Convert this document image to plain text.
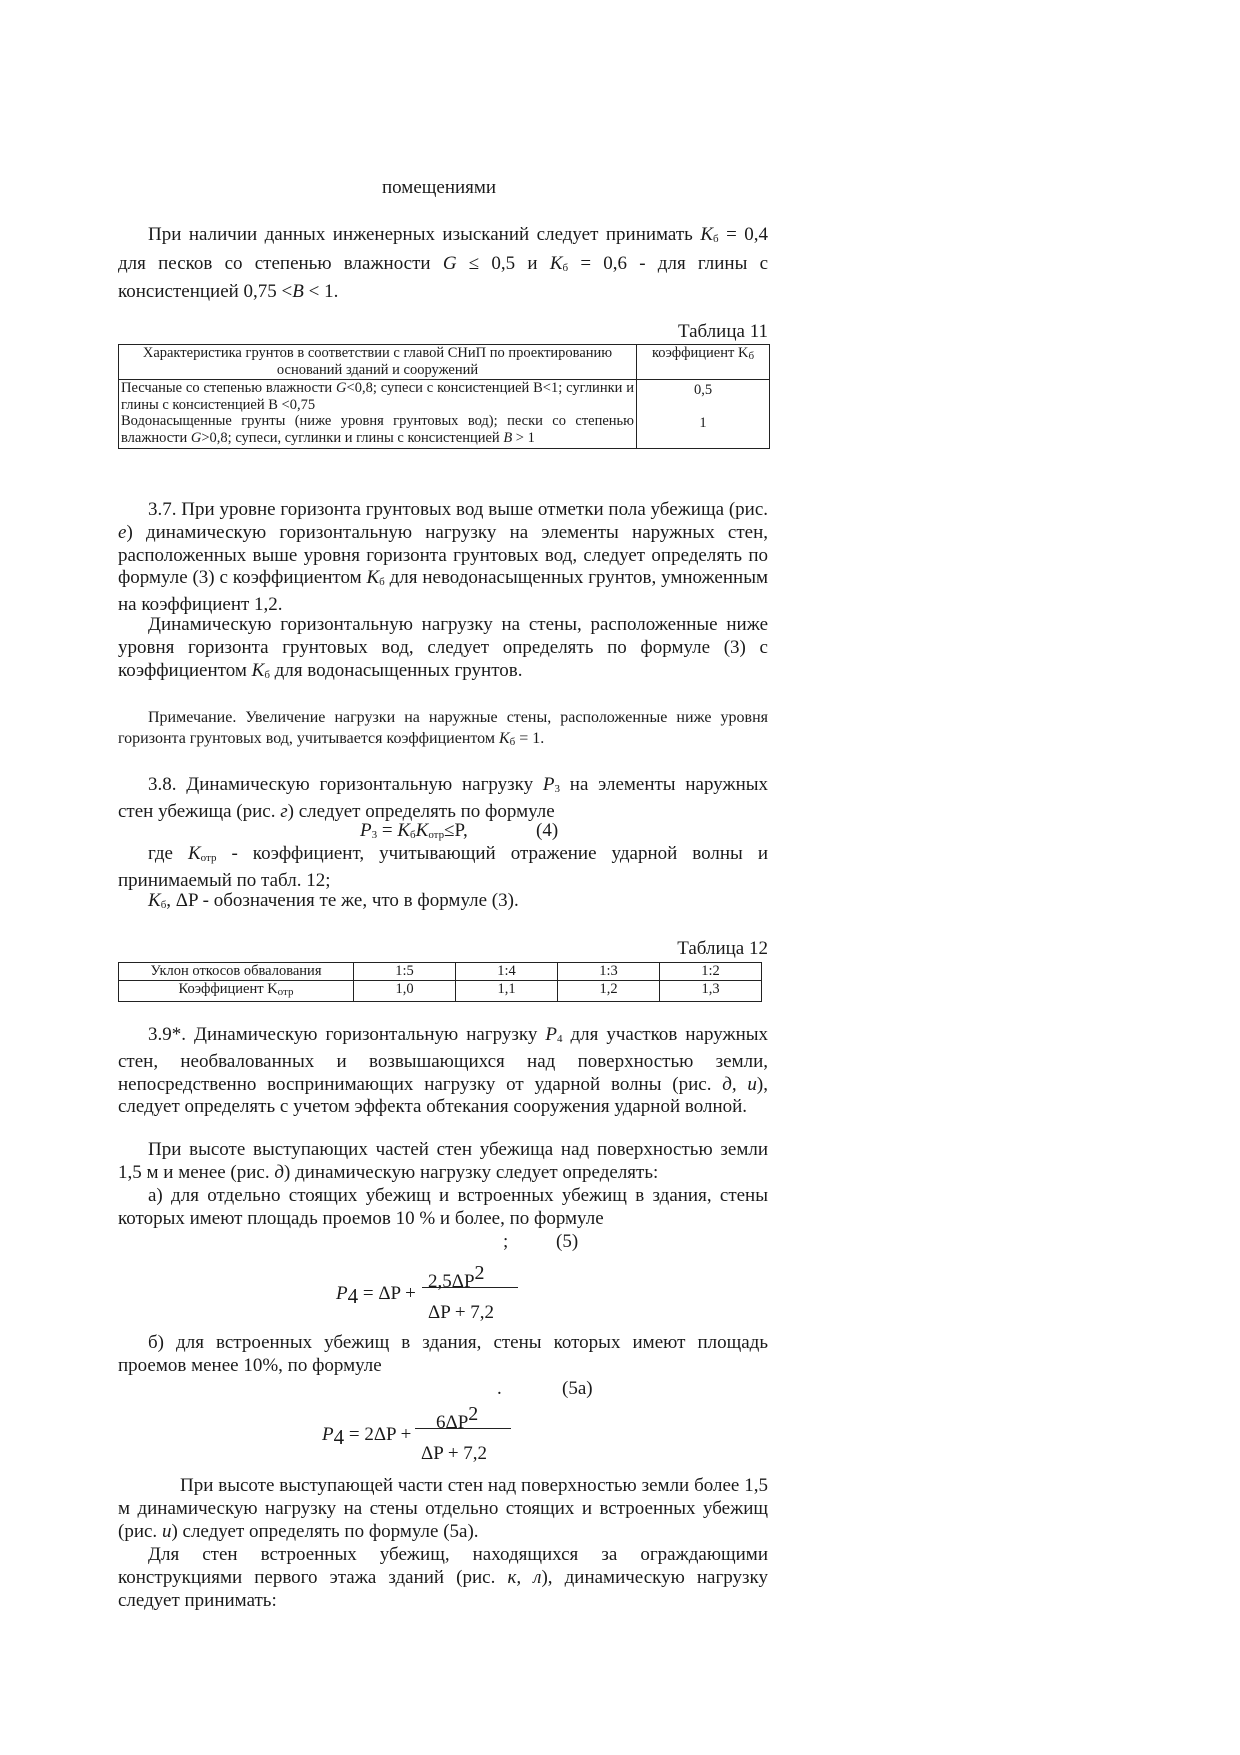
помещениями

При наличии данных инженерных изысканий следует принимать Kб = 0,4 для песков со степенью влажности G ≤ 0,5 и Kб = 0,6 - для глины с консистенцией 0,75 <B < 1.

Таблица 11
Характеристика грунтов в соответствии с главой СНиП по проектированию оснований зданий и сооружений	коэффициент Kб
Песчаные со степенью влажности G<0,8; супеси с консистенцией В<1; суглинки и глины с консистенцией В <0,75	0,5
Водонасыщенные грунты (ниже уровня грунтовых вод); пески со степенью влажности G>0,8; супеси, суглинки и глины с консистенцией B > 1	1

3.7. При уровне горизонта грунтовых вод выше отметки пола убежища (рис. е) динамическую горизонтальную нагрузку на элементы наружных стен, расположенных выше уровня горизонта грунтовых вод, следует определять по формуле (3) с коэффициентом Kб для неводонасыщенных грунтов, умноженным на коэффициент 1,2.

Динамическую горизонтальную нагрузку на стены, расположенные ниже уровня горизонта грунтовых вод, следует определять по формуле (3) с коэффициентом Kб для водонасыщенных грунтов.

Примечание. Увеличение нагрузки на наружные стены, расположенные ниже уровня горизонта грунтовых вод, учитывается коэффициентом Kб = 1.

3.8. Динамическую горизонтальную нагрузку P3 на элементы наружных стен убежища (рис. г) следует определять по формуле

P3 = KбKотр≤P,	(4)

где Kотр - коэффициент, учитывающий отражение ударной волны и принимаемый по табл. 12;

Kб, ΔP - обозначения те же, что в формуле (3).

Таблица 12
Уклон откосов обвалования	1:5	1:4	1:3	1:2
Коэффициент Kотр	1,0	1,1	1,2	1,3

3.9*. Динамическую горизонтальную нагрузку P4 для участков наружных стен, необвалованных и возвышающихся над поверхностью земли, непосредственно воспринимающих нагрузку от ударной волны (рис. д, и), следует определять с учетом эффекта обтекания сооружения ударной волной.

При высоте выступающих частей стен убежища над поверхностью земли 1,5 м и менее (рис. д) динамическую нагрузку следует определять:

а) для отдельно стоящих убежищ и встроенных убежищ в здания, стены которых имеют площадь проемов 10 % и более, по формуле

;	(5)
P4 = ΔP +
2,5ΔP2
ΔP + 7,2

б) для встроенных убежищ в здания, стены которых имеют площадь проемов менее 10%, по формуле

.	(5а)
P4 = 2ΔP +
6ΔP2
ΔP + 7,2

При высоте выступающей части стен над поверхностью земли более 1,5 м динамическую нагрузку на стены отдельно стоящих и встроенных убежищ (рис. и) следует определять по формуле (5а).

Для стен встроенных убежищ, находящихся за ограждающими конструкциями первого этажа зданий (рис. к, л), динамическую нагрузку следует принимать:
